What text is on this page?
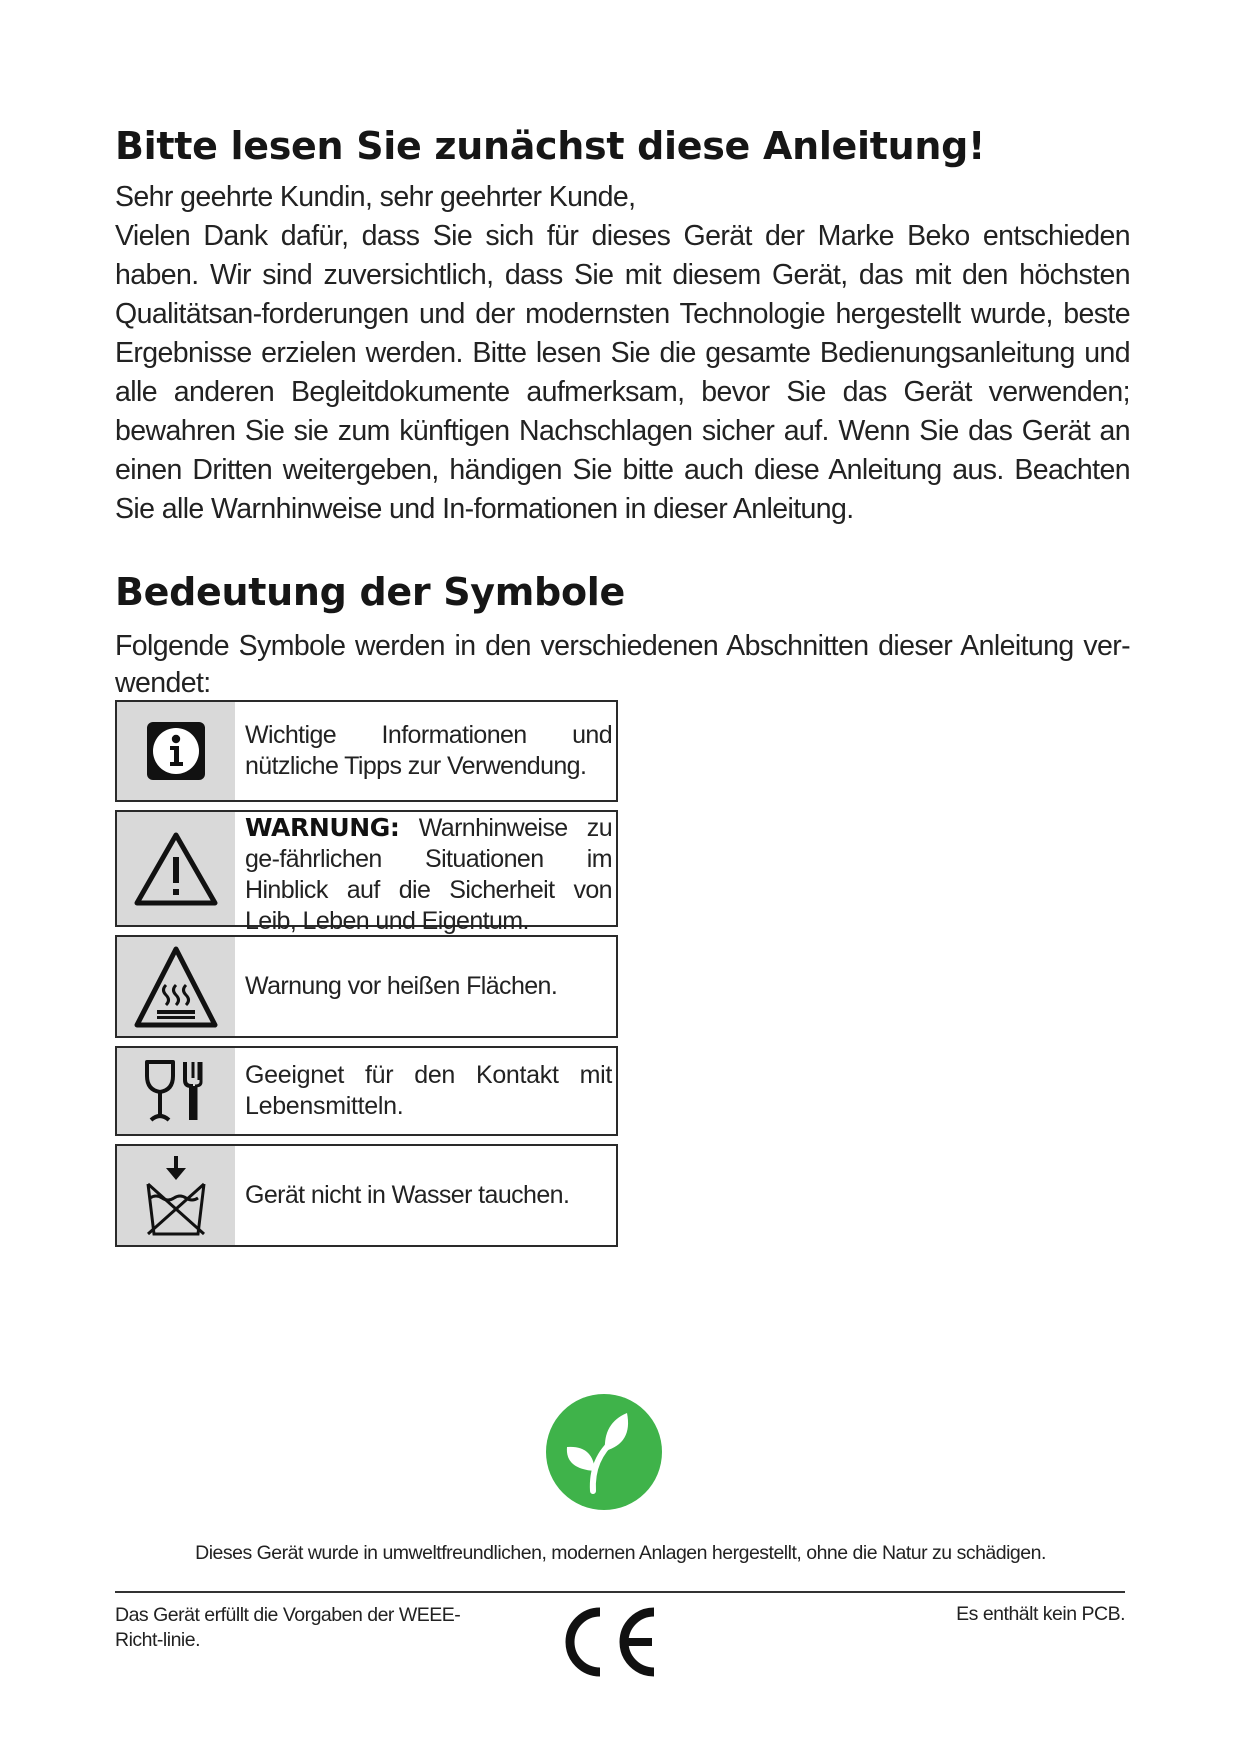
Bitte lesen Sie zunächst diese Anleitung!

Sehr geehrte Kundin, sehr geehrter Kunde,

Vielen Dank dafür, dass Sie sich für dieses Gerät der Marke Beko entschieden haben. Wir sind zuversichtlich, dass Sie mit diesem Gerät, das mit den höchsten Qualitätsan-forderungen und der modernsten Technologie hergestellt wurde, beste Ergebnisse erzielen werden. Bitte lesen Sie die gesamte Bedienungsanleitung und alle anderen Begleitdokumente aufmerksam, bevor Sie das Gerät verwenden; bewahren Sie sie zum künftigen Nachschlagen sicher auf. Wenn Sie das Gerät an einen Dritten weitergeben, händigen Sie bitte auch diese Anleitung aus. Beachten Sie alle Warnhinweise und In-formationen in dieser Anleitung.

Bedeutung der Symbole

Folgende Symbole werden in den verschiedenen Abschnitten dieser Anleitung ver-wendet:

Wichtige Informationen und nützliche Tipps zur Verwendung.
WARNUNG: Warnhinweise zu ge-fährlichen Situationen im Hinblick auf die Sicherheit von Leib, Leben und Eigentum.
Warnung vor heißen Flächen.
Geeignet für den Kontakt mit Lebensmitteln.
Gerät nicht in Wasser tauchen.
Dieses Gerät wurde in umweltfreundlichen, modernen Anlagen hergestellt, ohne die Natur zu schädigen.
Das Gerät erfüllt die Vorgaben der WEEE-Richt-linie.
Es enthält kein PCB.
